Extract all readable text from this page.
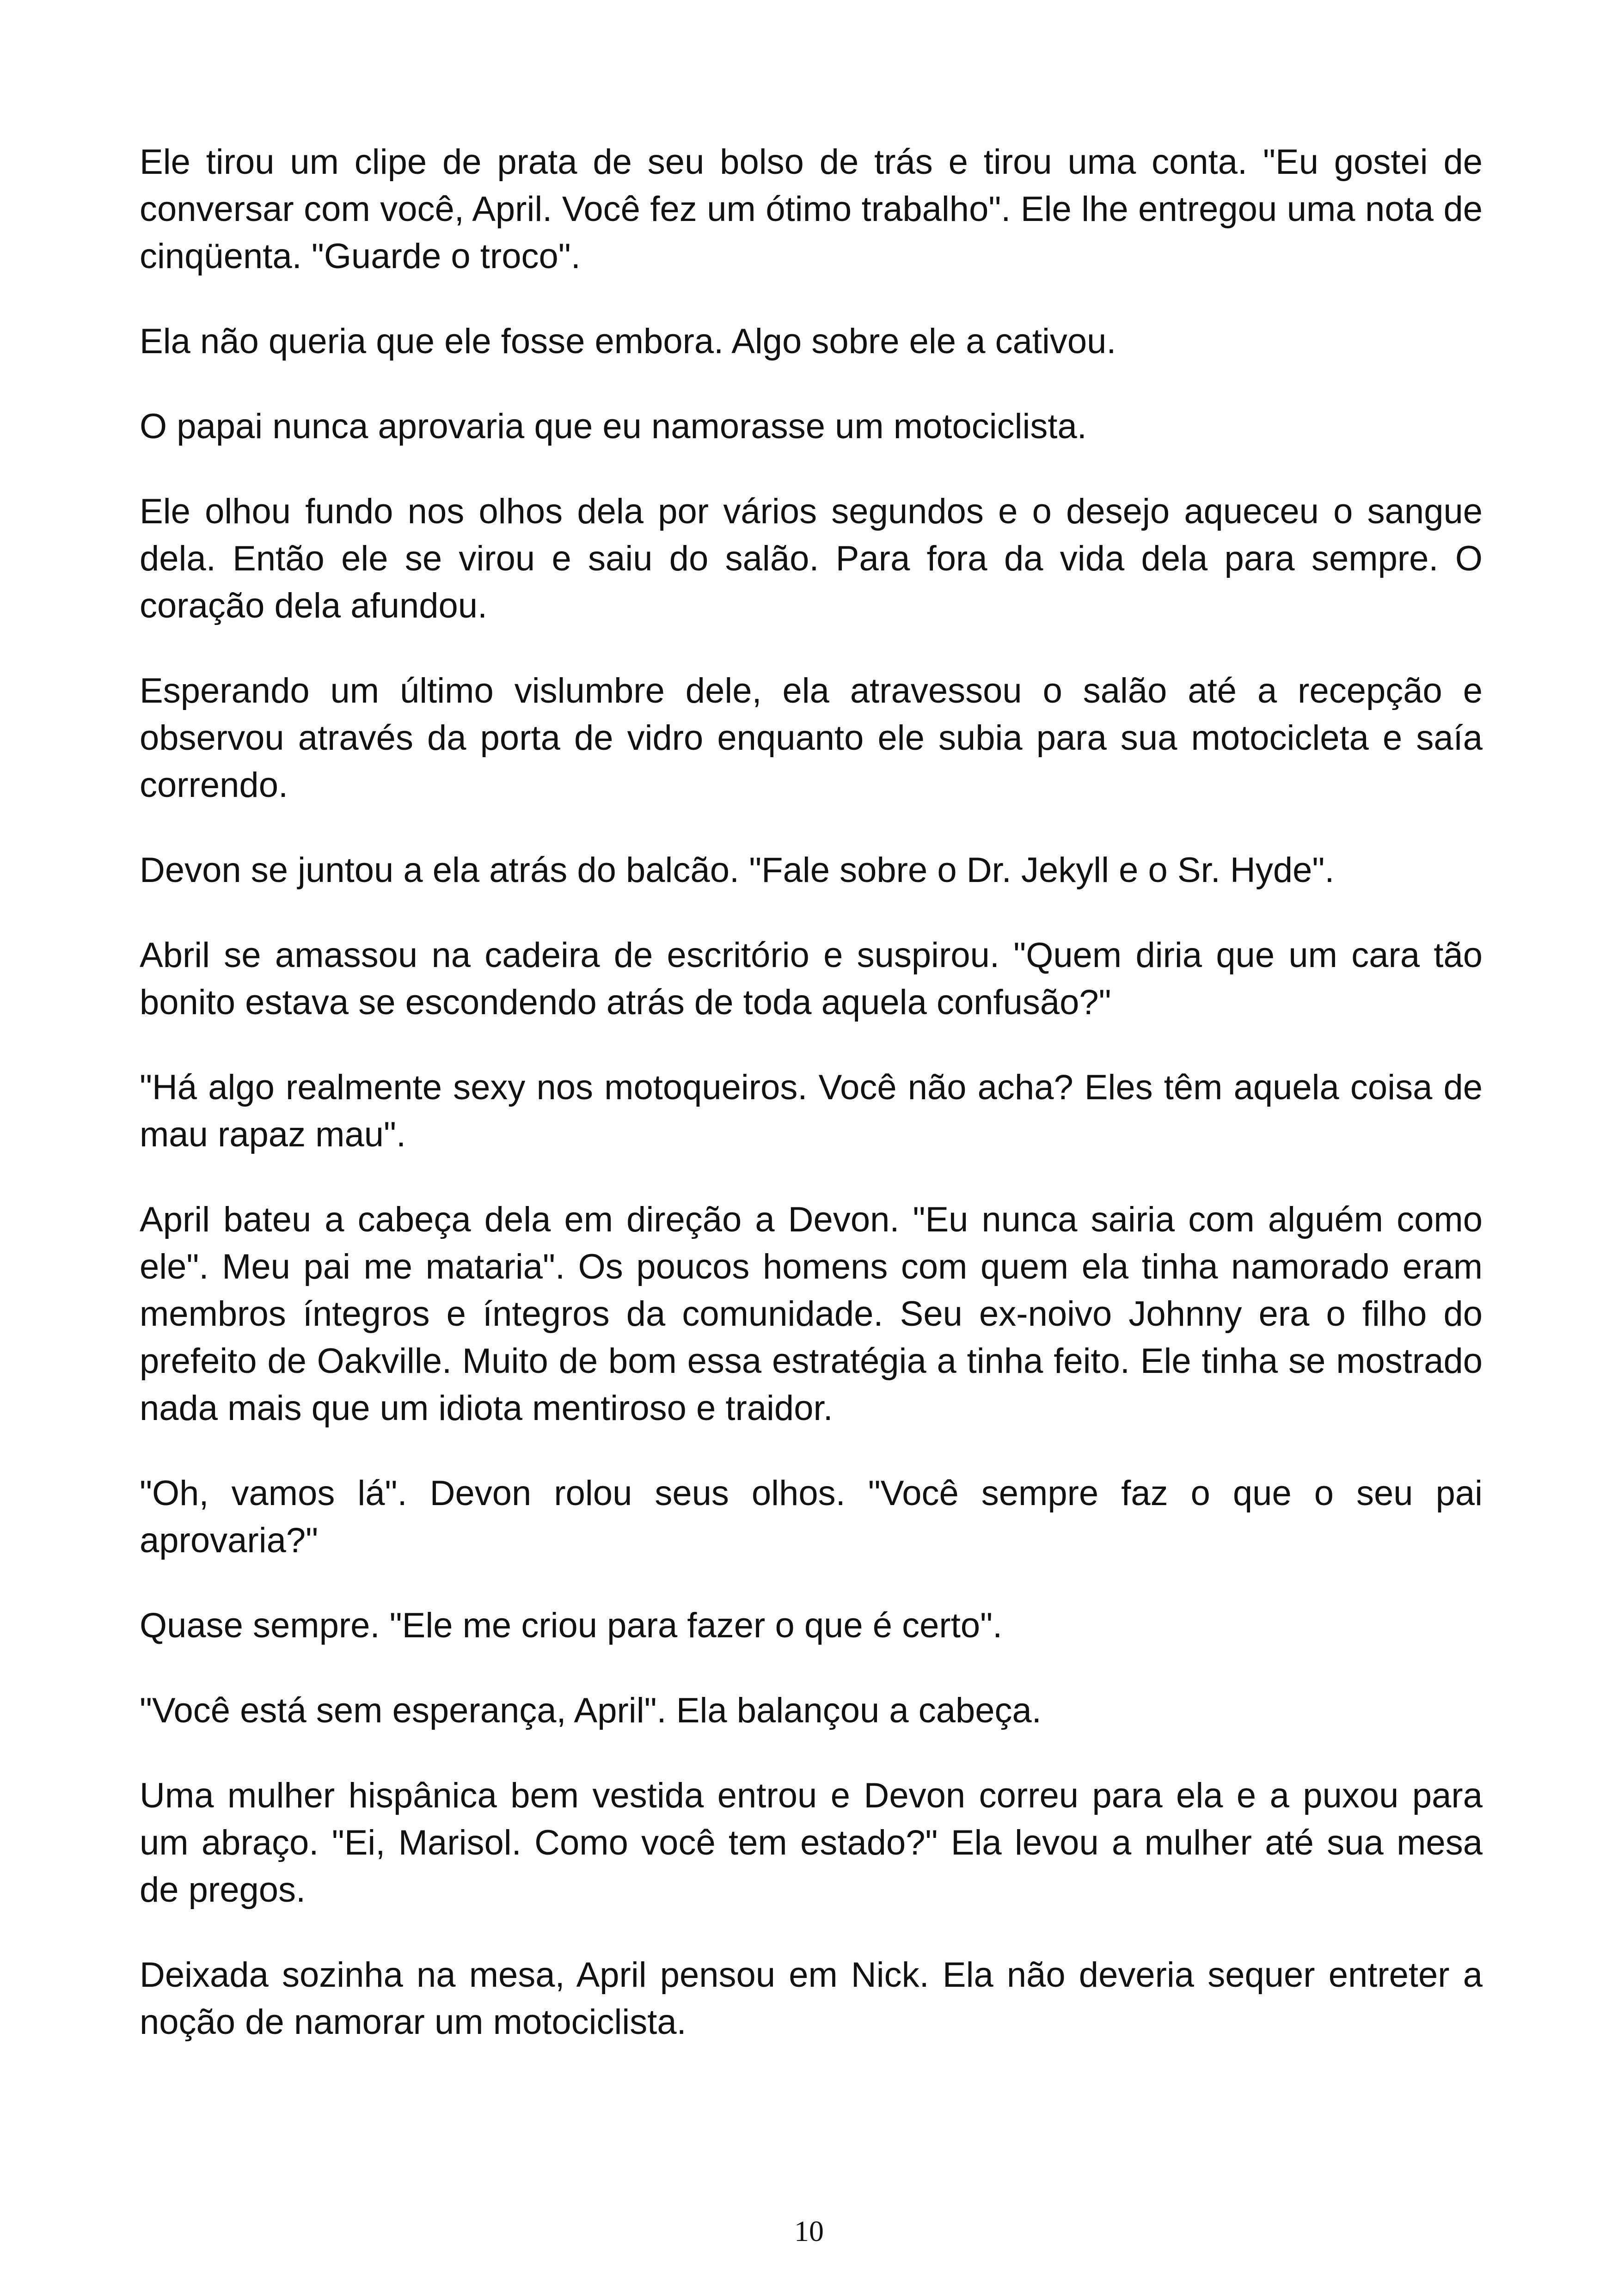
Ele tirou um clipe de prata de seu bolso de trás e tirou uma conta. "Eu gostei de conversar com você, April. Você fez um ótimo trabalho". Ele lhe entregou uma nota de cinqüenta. "Guarde o troco".

Ela não queria que ele fosse embora. Algo sobre ele a cativou.

O papai nunca aprovaria que eu namorasse um motociclista.

Ele olhou fundo nos olhos dela por vários segundos e o desejo aqueceu o sangue dela. Então ele se virou e saiu do salão. Para fora da vida dela para sempre. O coração dela afundou.

Esperando um último vislumbre dele, ela atravessou o salão até a recepção e observou através da porta de vidro enquanto ele subia para sua motocicleta e saía correndo.

Devon se juntou a ela atrás do balcão. "Fale sobre o Dr. Jekyll e o Sr. Hyde".

Abril se amassou na cadeira de escritório e suspirou. "Quem diria que um cara tão bonito estava se escondendo atrás de toda aquela confusão?"

"Há algo realmente sexy nos motoqueiros. Você não acha? Eles têm aquela coisa de mau rapaz mau".

April bateu a cabeça dela em direção a Devon. "Eu nunca sairia com alguém como ele". Meu pai me mataria". Os poucos homens com quem ela tinha namorado eram membros íntegros e íntegros da comunidade. Seu ex-noivo Johnny era o filho do prefeito de Oakville. Muito de bom essa estratégia a tinha feito. Ele tinha se mostrado nada mais que um idiota mentiroso e traidor.

"Oh, vamos lá". Devon rolou seus olhos. "Você sempre faz o que o seu pai aprovaria?"

Quase sempre. "Ele me criou para fazer o que é certo".

"Você está sem esperança, April". Ela balançou a cabeça.

Uma mulher hispânica bem vestida entrou e Devon correu para ela e a puxou para um abraço. "Ei, Marisol. Como você tem estado?" Ela levou a mulher até sua mesa de pregos.

Deixada sozinha na mesa, April pensou em Nick. Ela não deveria sequer entreter a noção de namorar um motociclista.

10
